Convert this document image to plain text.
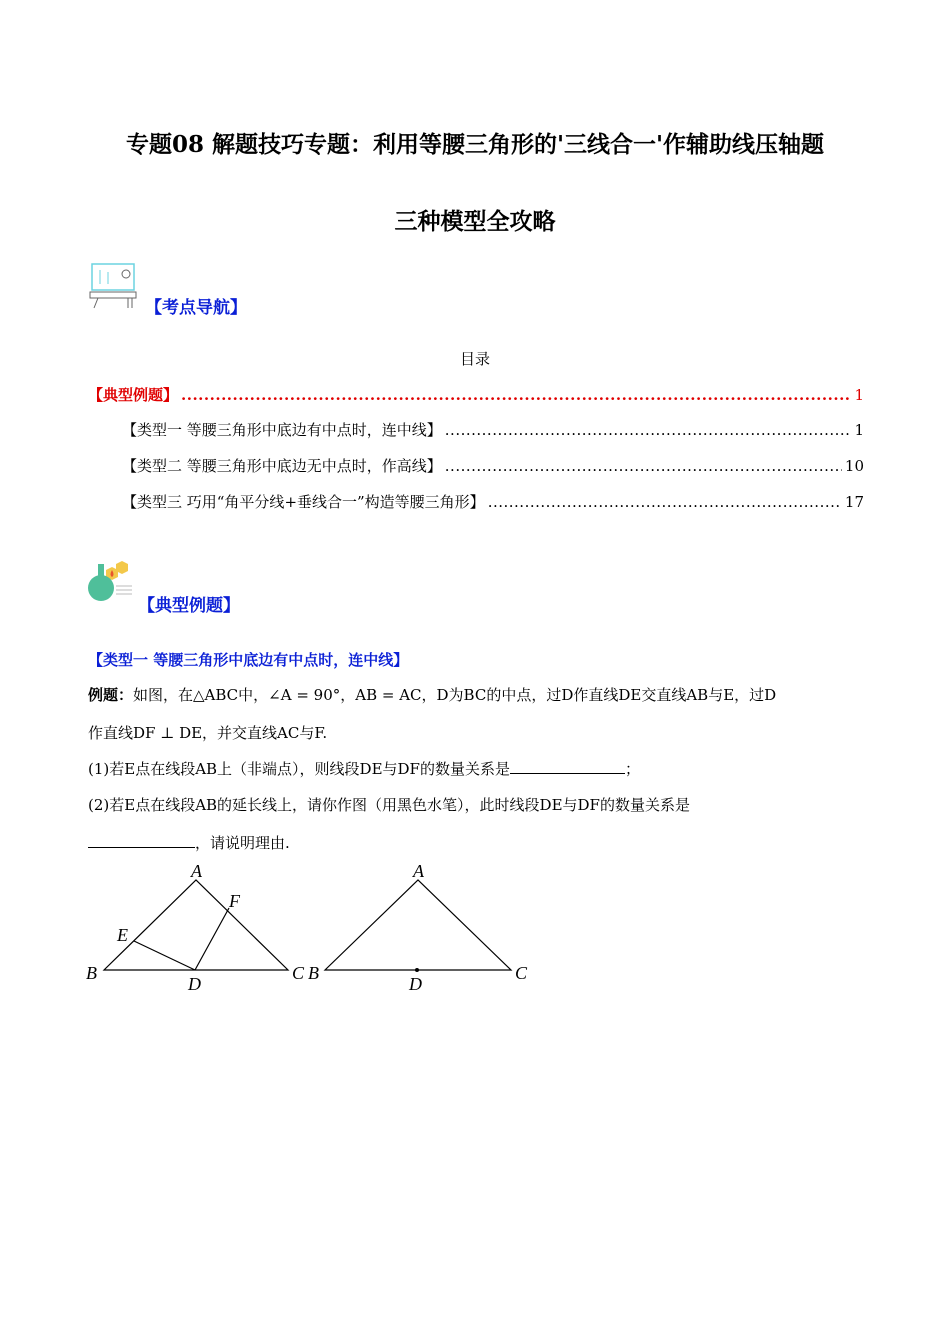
专题08 解题技巧专题：利用等腰三角形的'三线合一'作辅助线压轴题
三种模型全攻略
【考点导航】
目录
【典型例题】 .....	1
【类型一 等腰三角形中底边有中点时，连中线】 .....	1
【类型二 等腰三角形中底边无中点时，作高线】 .....	10
【类型三 巧用“角平分线+垂线合一”构造等腰三角形】 .....	17
【典型例题】
【类型一 等腰三角形中底边有中点时，连中线】
例题：如图，在△ABC中，∠A = 90°，AB = AC，D为BC的中点，过D作直线DE交直线AB与E，过D
作直线DF ⊥ DE，并交直线AC与F.
(1)若E点在线段AB上（非端点），则线段DE与DF的数量关系是	；
(2)若E点在线段AB的延长线上，请你作图（用黑色水笔），此时线段DE与DF的数量关系是
，请说明理由.
A
B	C
D
E
F
A
B	C
D
